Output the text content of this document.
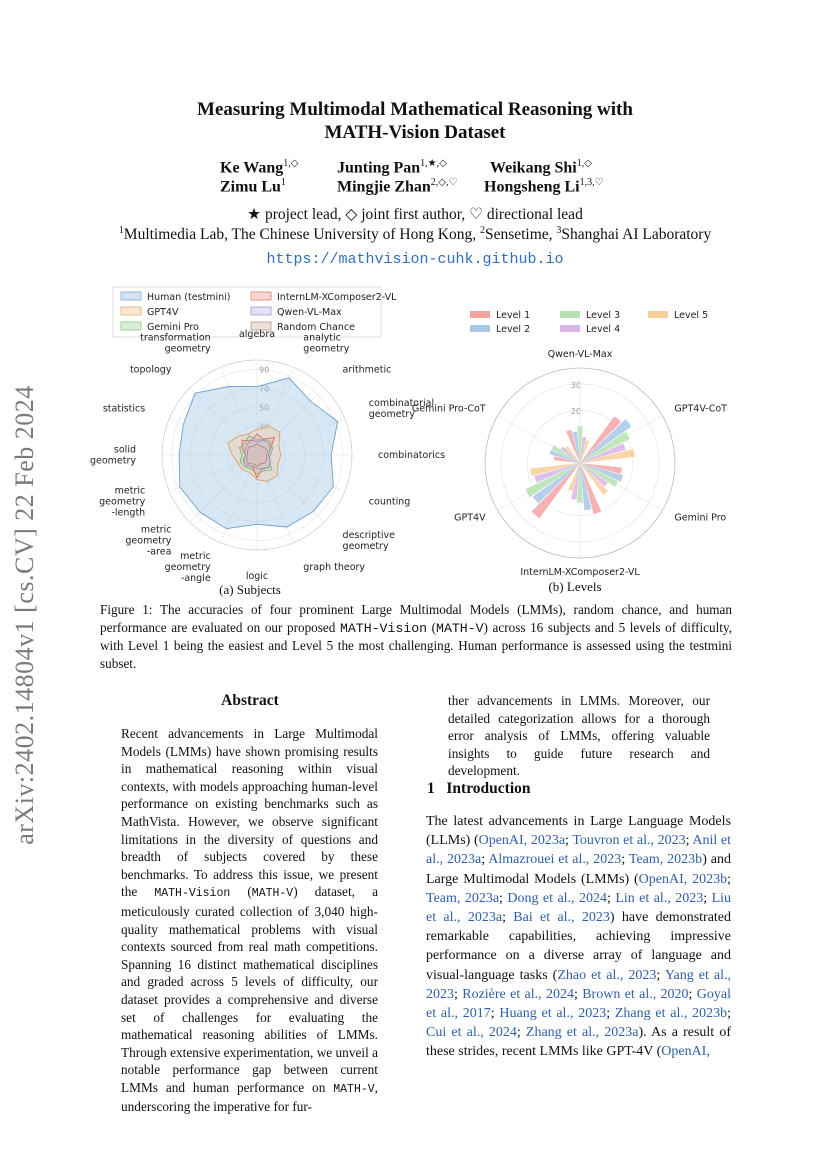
arXiv:2402.14804v1 [cs.CV] 22 Feb 2024
Measuring Multimodal Mathematical Reasoning with
MATH-Vision Dataset
Ke Wang$^{1,◇}$ Junting Pan$^{1,★,◇}$	Weikang Shi$^{1,◇}$
Zimu Lu$^1$	Mingjie Zhan$^{2,◇,♡}$ Hongsheng $Li^{1,3,♡}$
★ project lead, ◇ joint first author, ♡ directional lead
$^1$Multimedia Lab, The Chinese University of Hong Kong, $^2$Sensetime, $^3$Shanghai AI Laboratory
https://mathvision-cuhk.github.io
Human (testmini)
GPT4V
Gemini Pro
InternLM-XComposer2-VL
Qwen-VL-Max
Random Chance
30
50
70
90
algebra	analytic geometry
arithmetic
combinatorial geometry
combinatorics
counting
descriptive geometry
graph theory
logic
metric geometry -angle
metric geometry -area
metric geometry -length
solid geometry
statistics
topology
transformation geometry
(a) Subjects
Level 1
Level 2
Level 3
Level 4
Level 5
20
30
Qwen-VL-Max
GPT4V-CoT
Gemini Pro
InternLM-XComposer2-VL
GPT4V
Gemini Pro-CoT
(b) Levels
Figure 1: The accuracies of four prominent Large Multimodal Models (LMMs), random chance, and human performance are evaluated on our proposed MATH-Vision (MATH-V) across 16 subjects and 5 levels of difficulty, with Level 1 being the easiest and Level 5 the most challenging. Human performance is assessed using the testmini subset.
Abstract
Recent advancements in Large Multimodal Models (LMMs) have shown promising results in mathematical reasoning within visual contexts, with models approaching human-level performance on existing benchmarks such as MathVista. However, we observe significant limitations in the diversity of questions and breadth of subjects covered by these benchmarks. To address this issue, we present the MATH-Vision (MATH-V) dataset, a meticulously curated collection of 3,040 high-quality mathematical problems with visual contexts sourced from real math competitions. Spanning 16 distinct mathematical disciplines and graded across 5 levels of difficulty, our dataset provides a comprehensive and diverse set of challenges for evaluating the mathematical reasoning abilities of LMMs. Through extensive experimentation, we unveil a notable performance gap between current LMMs and human performance on MATH-V, underscoring the imperative for fur-
ther advancements in LMMs. Moreover, our detailed categorization allows for a thorough error analysis of LMMs, offering valuable insights to guide future research and development.
1 Introduction
The latest advancements in Large Language Models (LLMs) (OpenAI, 2023a; Touvron et al., 2023; Anil et al., 2023a; Almazrouei et al., 2023; Team, 2023b) and Large Multimodal Models (LMMs) (OpenAI, 2023b; Team, 2023a; Dong et al., 2024; Lin et al., 2023; Liu et al., 2023a; Bai et al., 2023) have demonstrated remarkable capabilities, achieving impressive performance on a diverse array of language and visual-language tasks (Zhao et al., 2023; Yang et al., 2023; Rozière et al., 2024; Brown et al., 2020; Goyal et al., 2017; Huang et al., 2023; Zhang et al., 2023b; Cui et al., 2024; Zhang et al., 2023a). As a result of these strides, recent LMMs like GPT-4V (OpenAI,
